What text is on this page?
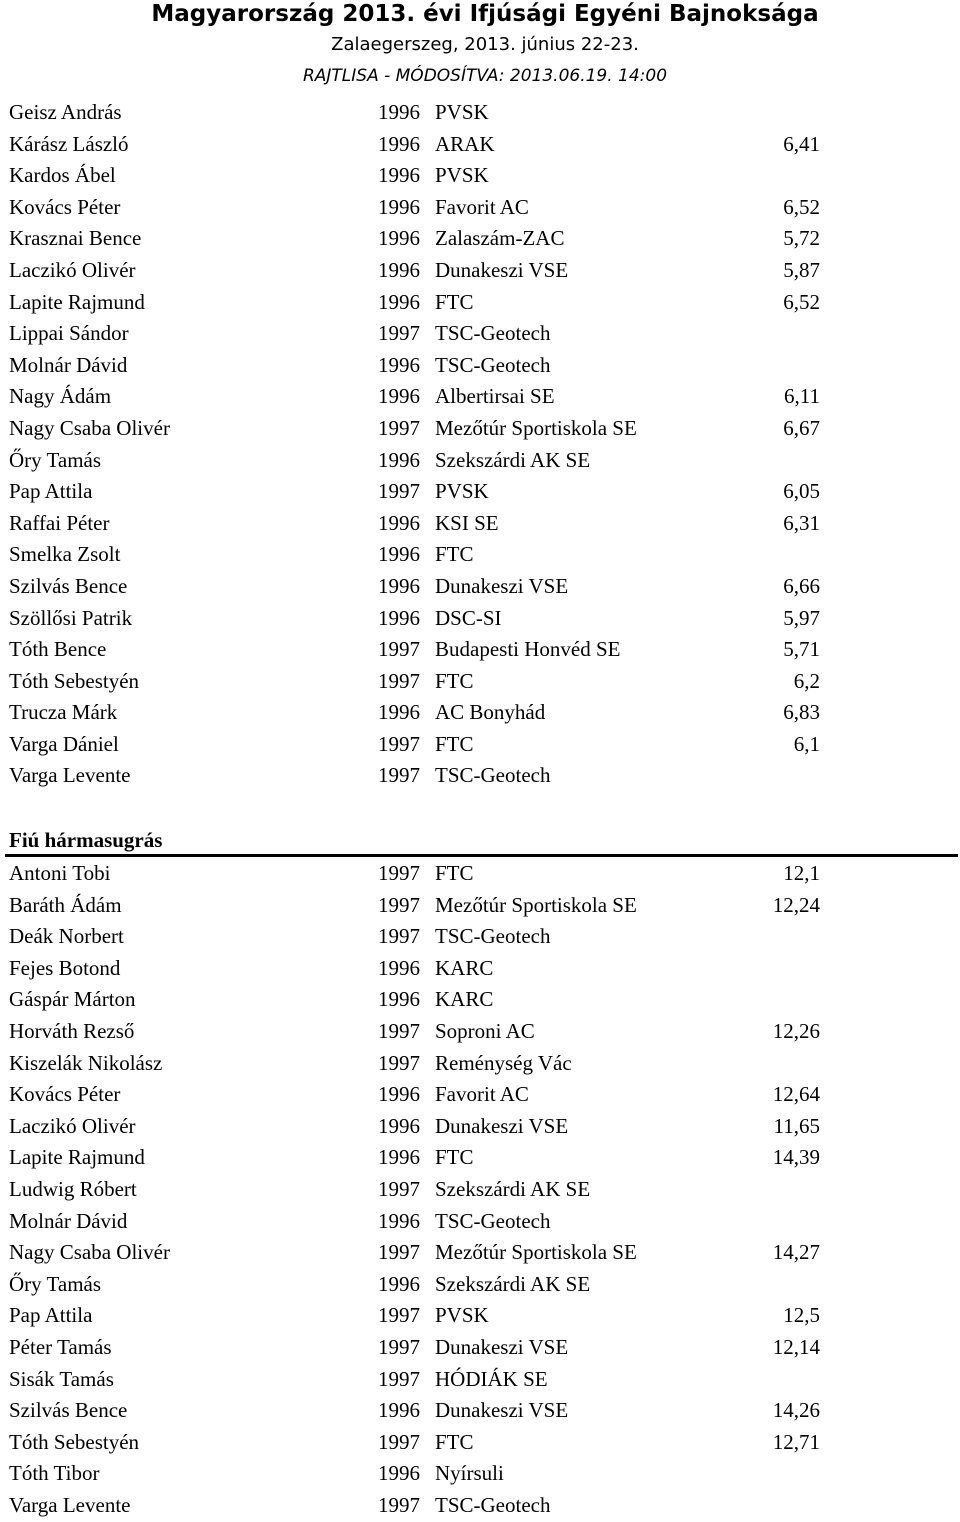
Magyarország 2013. évi Ifjúsági Egyéni Bajnoksága
Zalaegerszeg, 2013. június 22-23.
RAJTLISA - MÓDOSÍTVA: 2013.06.19. 14:00
Geisz András	1996 PVSK
Kárász László	1996 ARAK	6,41
Kardos Ábel	1996 PVSK
Kovács Péter	1996 Favorit AC	6,52
Krasznai Bence	1996 Zalaszám-ZAC	5,72
Laczikó Olivér	1996 Dunakeszi VSE	5,87
Lapite Rajmund	1996 FTC	6,52
Lippai Sándor	1997 TSC-Geotech
Molnár Dávid	1996 TSC-Geotech
Nagy Ádám	1996 Albertirsai SE	6,11
Nagy Csaba Olivér	1997 Mezőtúr Sportiskola SE	6,67
Őry Tamás	1996 Szekszárdi AK SE
Pap Attila	1997 PVSK	6,05
Raffai Péter	1996 KSI SE	6,31
Smelka Zsolt	1996 FTC
Szilvás Bence	1996 Dunakeszi VSE	6,66
Szöllősi Patrik	1996 DSC-SI	5,97
Tóth Bence	1997 Budapesti Honvéd SE	5,71
Tóth Sebestyén	1997 FTC	6,2
Trucza Márk	1996 AC Bonyhád	6,83
Varga Dániel	1997 FTC	6,1
Varga Levente	1997 TSC-Geotech
Fiú hármasugrás
Antoni Tobi	1997 FTC	12,1
Baráth Ádám	1997 Mezőtúr Sportiskola SE	12,24
Deák Norbert	1997 TSC-Geotech
Fejes Botond	1996 KARC
Gáspár Márton	1996 KARC
Horváth Rezső	1997 Soproni AC	12,26
Kiszelák Nikolász	1997 Reménység Vác
Kovács Péter	1996 Favorit AC	12,64
Laczikó Olivér	1996 Dunakeszi VSE	11,65
Lapite Rajmund	1996 FTC	14,39
Ludwig Róbert	1997 Szekszárdi AK SE
Molnár Dávid	1996 TSC-Geotech
Nagy Csaba Olivér	1997 Mezőtúr Sportiskola SE	14,27
Őry Tamás	1996 Szekszárdi AK SE
Pap Attila	1997 PVSK	12,5
Péter Tamás	1997 Dunakeszi VSE	12,14
Sisák Tamás	1997 HÓDIÁK SE
Szilvás Bence	1996 Dunakeszi VSE	14,26
Tóth Sebestyén	1997 FTC	12,71
Tóth Tibor	1996 Nyírsuli
Varga Levente	1997 TSC-Geotech
